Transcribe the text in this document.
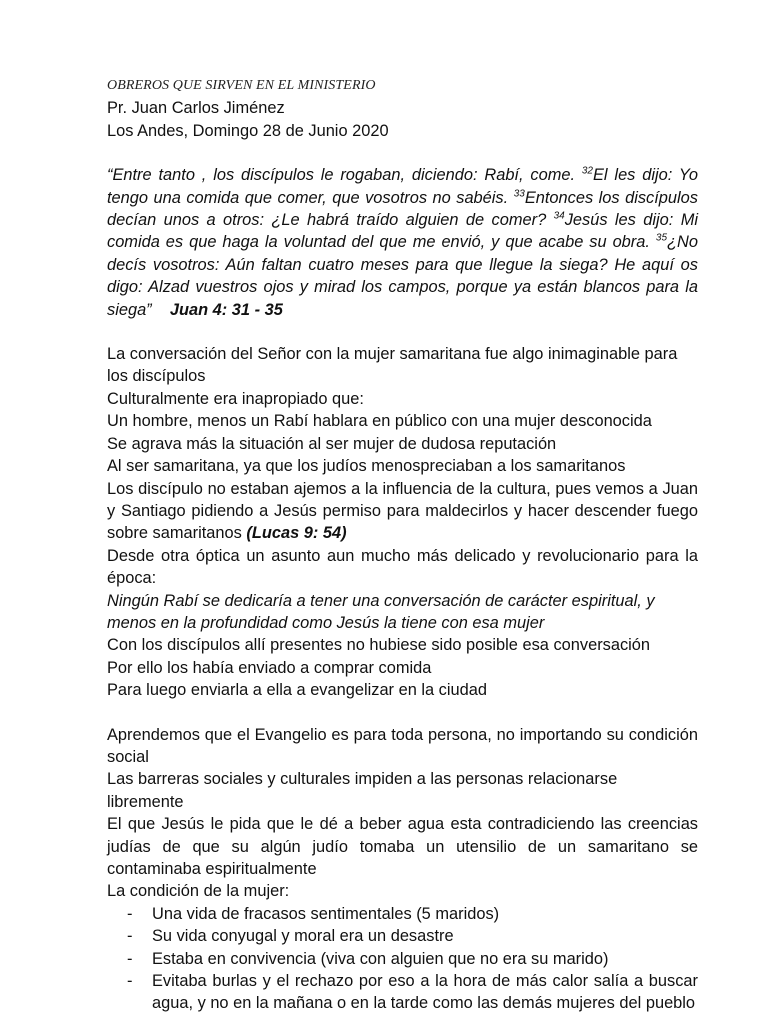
OBREROS QUE SIRVEN EN EL MINISTERIO
Pr. Juan Carlos Jiménez
Los Andes, Domingo 28 de Junio 2020

“Entre tanto , los discípulos le rogaban, diciendo: Rabí, come. $^{32}$El les dijo: Yo tengo una comida que comer, que vosotros no sabéis. $^{33}$Entonces los discípulos decían unos a otros: ¿Le habrá traído alguien de comer? $^{34}$Jesús les dijo: Mi comida es que haga la voluntad del que me envió, y que acabe su obra. $^{35}$¿No decís vosotros: Aún faltan cuatro meses para que llegue la siega? He aquí os digo: Alzad vuestros ojos y mirad los campos, porque ya están blancos para la siega” Juan 4: 31 - 35

La conversación del Señor con la mujer samaritana fue algo inimaginable para los discípulos

Culturalmente era inapropiado que:

Un hombre, menos un Rabí hablara en público con una mujer desconocida

Se agrava más la situación al ser mujer de dudosa reputación

Al ser samaritana, ya que los judíos menospreciaban a los samaritanos

Los discípulo no estaban ajemos a la influencia de la cultura, pues vemos a Juan y Santiago pidiendo a Jesús permiso para maldecirlos y hacer descender fuego sobre samaritanos (Lucas 9: 54)

Desde otra óptica un asunto aun mucho más delicado y revolucionario para la época:

Ningún Rabí se dedicaría a tener una conversación de carácter espiritual, y menos en la profundidad como Jesús la tiene con esa mujer

Con los discípulos allí presentes no hubiese sido posible esa conversación

Por ello los había enviado a comprar comida

Para luego enviarla a ella a evangelizar en la ciudad

Aprendemos que el Evangelio es para toda persona, no importando su condición social

Las barreras sociales y culturales impiden a las personas relacionarse libremente

El que Jesús le pida que le dé a beber agua esta contradiciendo las creencias judías de que su algún judío tomaba un utensilio de un samaritano se contaminaba espiritualmente

La condición de la mujer:

- Una vida de fracasos sentimentales (5 maridos)
- Su vida conyugal y moral era un desastre
- Estaba en convivencia (viva con alguien que no era su marido)
- Evitaba burlas y el rechazo por eso a la hora de más calor salía a buscar agua, y no en la mañana o en la tarde como las demás mujeres del pueblo
